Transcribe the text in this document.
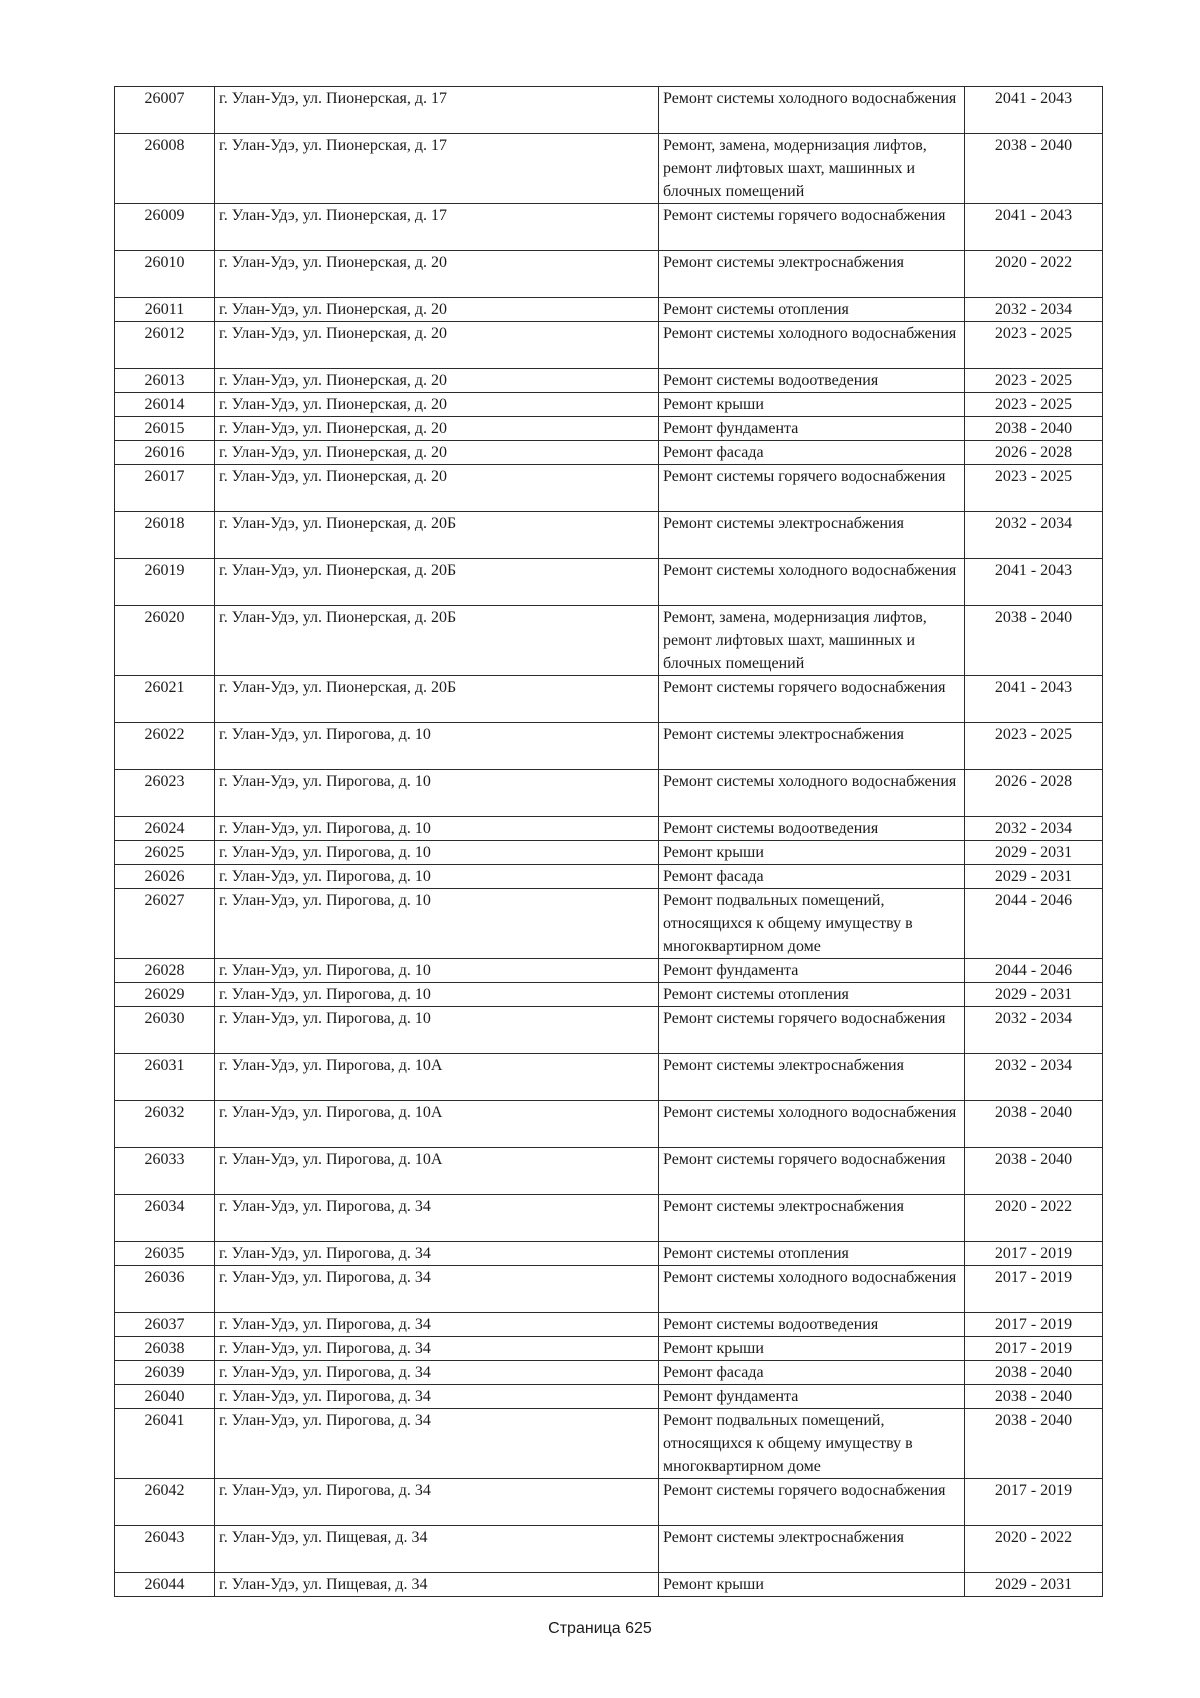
26007	г. Улан-Удэ, ул. Пионерская, д. 17	Ремонт системы холодного водоснабжения	2041 - 2043
26008	г. Улан-Удэ, ул. Пионерская, д. 17	Ремонт, замена, модернизация лифтов, ремонт лифтовых шахт, машинных и блочных помещений	2038 - 2040
26009	г. Улан-Удэ, ул. Пионерская, д. 17	Ремонт системы горячего водоснабжения	2041 - 2043
26010	г. Улан-Удэ, ул. Пионерская, д. 20	Ремонт системы электроснабжения	2020 - 2022
26011	г. Улан-Удэ, ул. Пионерская, д. 20	Ремонт системы отопления	2032 - 2034
26012	г. Улан-Удэ, ул. Пионерская, д. 20	Ремонт системы холодного водоснабжения	2023 - 2025
26013	г. Улан-Удэ, ул. Пионерская, д. 20	Ремонт системы водоотведения	2023 - 2025
26014	г. Улан-Удэ, ул. Пионерская, д. 20	Ремонт крыши	2023 - 2025
26015	г. Улан-Удэ, ул. Пионерская, д. 20	Ремонт фундамента	2038 - 2040
26016	г. Улан-Удэ, ул. Пионерская, д. 20	Ремонт фасада	2026 - 2028
26017	г. Улан-Удэ, ул. Пионерская, д. 20	Ремонт системы горячего водоснабжения	2023 - 2025
26018	г. Улан-Удэ, ул. Пионерская, д. 20Б	Ремонт системы электроснабжения	2032 - 2034
26019	г. Улан-Удэ, ул. Пионерская, д. 20Б	Ремонт системы холодного водоснабжения	2041 - 2043
26020	г. Улан-Удэ, ул. Пионерская, д. 20Б	Ремонт, замена, модернизация лифтов, ремонт лифтовых шахт, машинных и блочных помещений	2038 - 2040
26021	г. Улан-Удэ, ул. Пионерская, д. 20Б	Ремонт системы горячего водоснабжения	2041 - 2043
26022	г. Улан-Удэ, ул. Пирогова, д. 10	Ремонт системы электроснабжения	2023 - 2025
26023	г. Улан-Удэ, ул. Пирогова, д. 10	Ремонт системы холодного водоснабжения	2026 - 2028
26024	г. Улан-Удэ, ул. Пирогова, д. 10	Ремонт системы водоотведения	2032 - 2034
26025	г. Улан-Удэ, ул. Пирогова, д. 10	Ремонт крыши	2029 - 2031
26026	г. Улан-Удэ, ул. Пирогова, д. 10	Ремонт фасада	2029 - 2031
26027	г. Улан-Удэ, ул. Пирогова, д. 10	Ремонт подвальных помещений, относящихся к общему имуществу в многоквартирном доме	2044 - 2046
26028	г. Улан-Удэ, ул. Пирогова, д. 10	Ремонт фундамента	2044 - 2046
26029	г. Улан-Удэ, ул. Пирогова, д. 10	Ремонт системы отопления	2029 - 2031
26030	г. Улан-Удэ, ул. Пирогова, д. 10	Ремонт системы горячего водоснабжения	2032 - 2034
26031	г. Улан-Удэ, ул. Пирогова, д. 10А	Ремонт системы электроснабжения	2032 - 2034
26032	г. Улан-Удэ, ул. Пирогова, д. 10А	Ремонт системы холодного водоснабжения	2038 - 2040
26033	г. Улан-Удэ, ул. Пирогова, д. 10А	Ремонт системы горячего водоснабжения	2038 - 2040
26034	г. Улан-Удэ, ул. Пирогова, д. 34	Ремонт системы электроснабжения	2020 - 2022
26035	г. Улан-Удэ, ул. Пирогова, д. 34	Ремонт системы отопления	2017 - 2019
26036	г. Улан-Удэ, ул. Пирогова, д. 34	Ремонт системы холодного водоснабжения	2017 - 2019
26037	г. Улан-Удэ, ул. Пирогова, д. 34	Ремонт системы водоотведения	2017 - 2019
26038	г. Улан-Удэ, ул. Пирогова, д. 34	Ремонт крыши	2017 - 2019
26039	г. Улан-Удэ, ул. Пирогова, д. 34	Ремонт фасада	2038 - 2040
26040	г. Улан-Удэ, ул. Пирогова, д. 34	Ремонт фундамента	2038 - 2040
26041	г. Улан-Удэ, ул. Пирогова, д. 34	Ремонт подвальных помещений, относящихся к общему имуществу в многоквартирном доме	2038 - 2040
26042	г. Улан-Удэ, ул. Пирогова, д. 34	Ремонт системы горячего водоснабжения	2017 - 2019
26043	г. Улан-Удэ, ул. Пищевая, д. 34	Ремонт системы электроснабжения	2020 - 2022
26044	г. Улан-Удэ, ул. Пищевая, д. 34	Ремонт крыши	2029 - 2031
Страница 625
